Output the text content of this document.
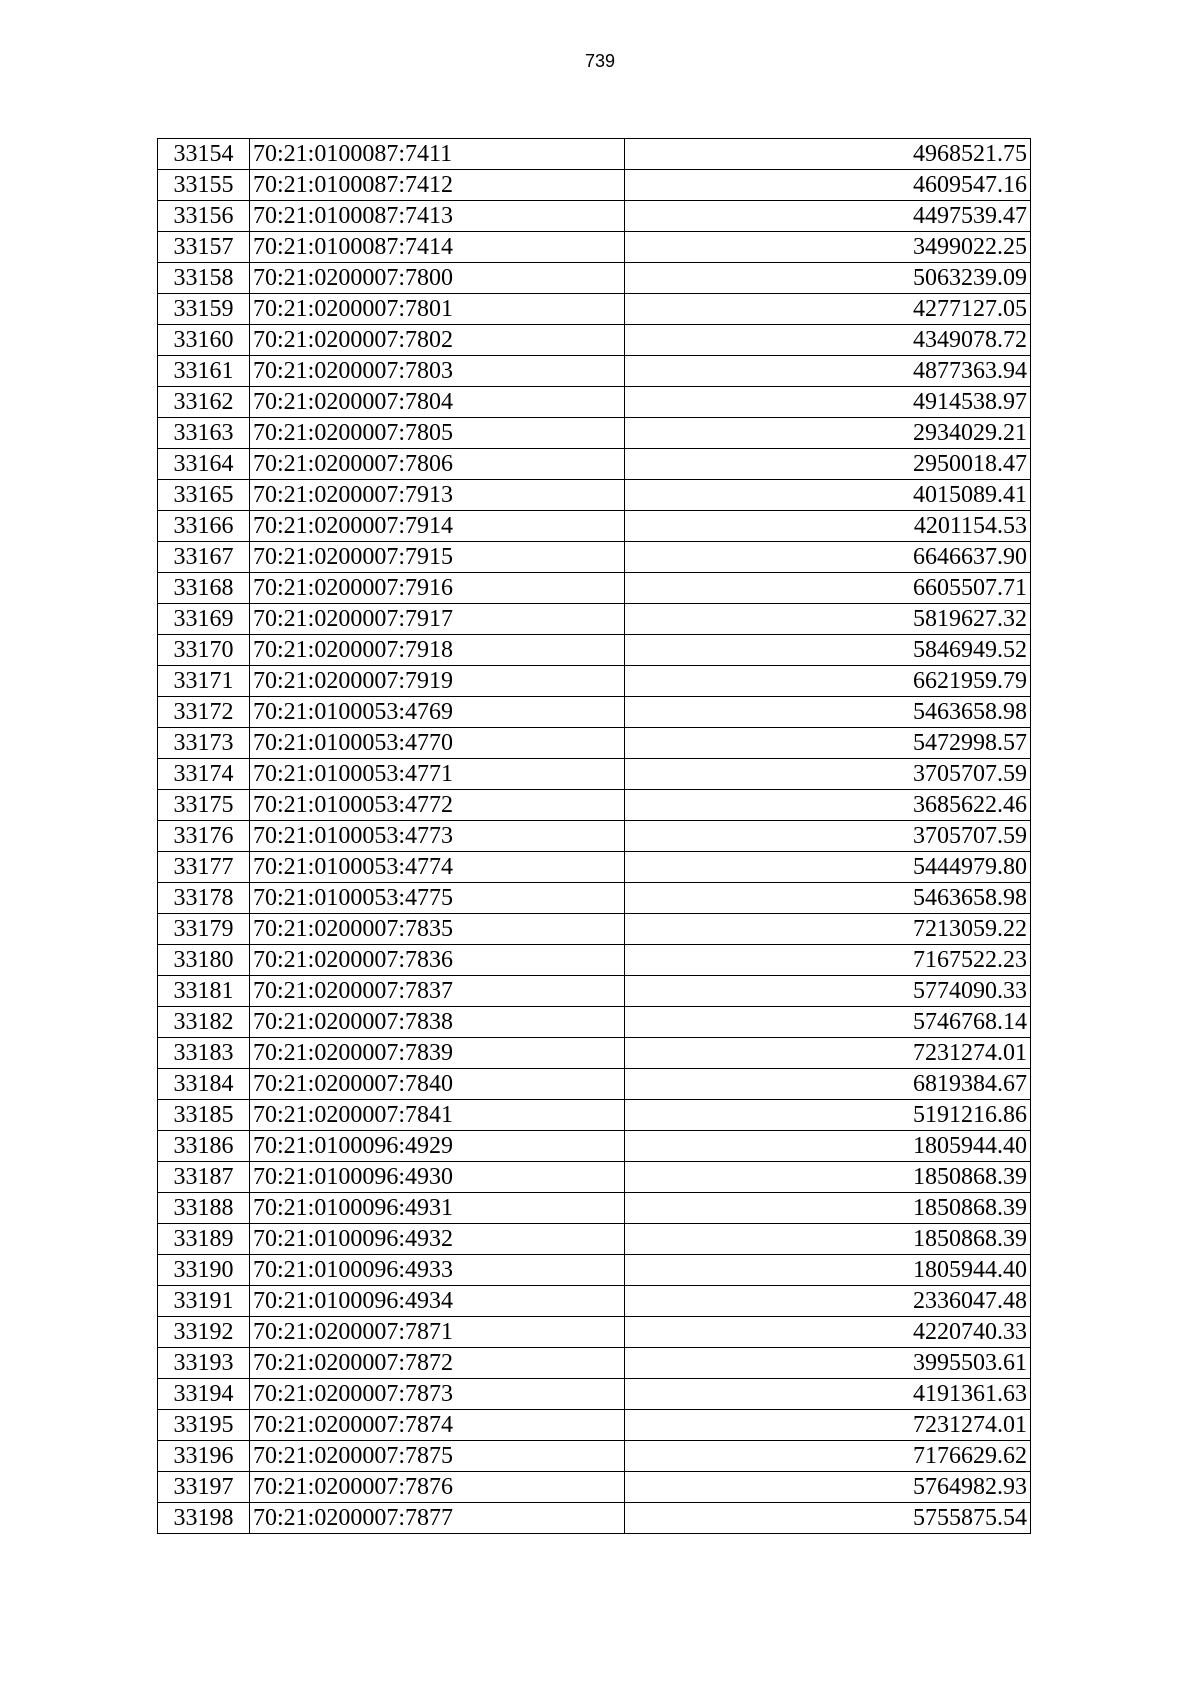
739
33154	70:21:0100087:7411	4968521.75
33155	70:21:0100087:7412	4609547.16
33156	70:21:0100087:7413	4497539.47
33157	70:21:0100087:7414	3499022.25
33158	70:21:0200007:7800	5063239.09
33159	70:21:0200007:7801	4277127.05
33160	70:21:0200007:7802	4349078.72
33161	70:21:0200007:7803	4877363.94
33162	70:21:0200007:7804	4914538.97
33163	70:21:0200007:7805	2934029.21
33164	70:21:0200007:7806	2950018.47
33165	70:21:0200007:7913	4015089.41
33166	70:21:0200007:7914	4201154.53
33167	70:21:0200007:7915	6646637.90
33168	70:21:0200007:7916	6605507.71
33169	70:21:0200007:7917	5819627.32
33170	70:21:0200007:7918	5846949.52
33171	70:21:0200007:7919	6621959.79
33172	70:21:0100053:4769	5463658.98
33173	70:21:0100053:4770	5472998.57
33174	70:21:0100053:4771	3705707.59
33175	70:21:0100053:4772	3685622.46
33176	70:21:0100053:4773	3705707.59
33177	70:21:0100053:4774	5444979.80
33178	70:21:0100053:4775	5463658.98
33179	70:21:0200007:7835	7213059.22
33180	70:21:0200007:7836	7167522.23
33181	70:21:0200007:7837	5774090.33
33182	70:21:0200007:7838	5746768.14
33183	70:21:0200007:7839	7231274.01
33184	70:21:0200007:7840	6819384.67
33185	70:21:0200007:7841	5191216.86
33186	70:21:0100096:4929	1805944.40
33187	70:21:0100096:4930	1850868.39
33188	70:21:0100096:4931	1850868.39
33189	70:21:0100096:4932	1850868.39
33190	70:21:0100096:4933	1805944.40
33191	70:21:0100096:4934	2336047.48
33192	70:21:0200007:7871	4220740.33
33193	70:21:0200007:7872	3995503.61
33194	70:21:0200007:7873	4191361.63
33195	70:21:0200007:7874	7231274.01
33196	70:21:0200007:7875	7176629.62
33197	70:21:0200007:7876	5764982.93
33198	70:21:0200007:7877	5755875.54
